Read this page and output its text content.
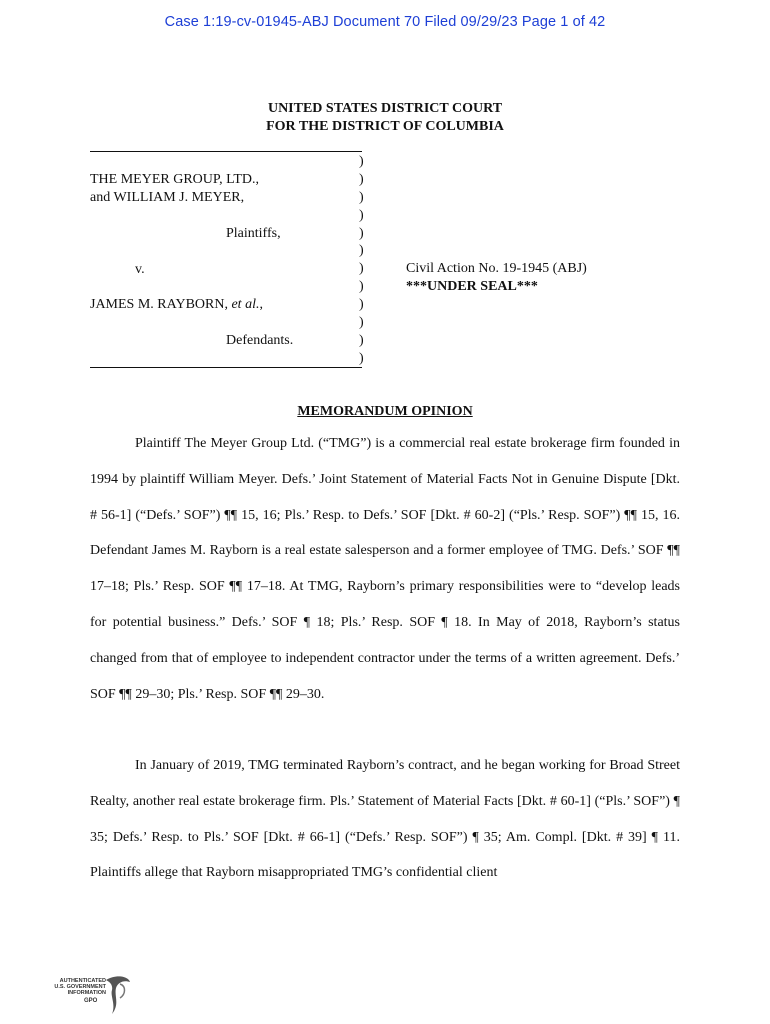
Case 1:19-cv-01945-ABJ Document 70 Filed 09/29/23 Page 1 of 42
UNITED STATES DISTRICT COURT
FOR THE DISTRICT OF COLUMBIA
)
)
)
)
)
)
)
)
)
)
)
)
THE MEYER GROUP, LTD.,
and WILLIAM J. MEYER,
Plaintiffs,
v.
JAMES M. RAYBORN, et al.,
Defendants.
Civil Action No. 19-1945 (ABJ)
***UNDER SEAL***
MEMORANDUM OPINION

Plaintiff The Meyer Group Ltd. (“TMG”) is a commercial real estate brokerage firm founded in 1994 by plaintiff William Meyer. Defs.’ Joint Statement of Material Facts Not in Genuine Dispute [Dkt. # 56-1] (“Defs.’ SOF”) ¶¶ 15, 16; Pls.’ Resp. to Defs.’ SOF [Dkt. # 60-2] (“Pls.’ Resp. SOF”) ¶¶ 15, 16. Defendant James M. Rayborn is a real estate salesperson and a former employee of TMG. Defs.’ SOF ¶¶ 17–18; Pls.’ Resp. SOF ¶¶ 17–18. At TMG, Rayborn’s primary responsibilities were to “develop leads for potential business.” Defs.’ SOF ¶ 18; Pls.’ Resp. SOF ¶ 18. In May of 2018, Rayborn’s status changed from that of employee to independent contractor under the terms of a written agreement. Defs.’ SOF ¶¶ 29–30; Pls.’ Resp. SOF ¶¶ 29–30.

In January of 2019, TMG terminated Rayborn’s contract, and he began working for Broad Street Realty, another real estate brokerage firm. Pls.’ Statement of Material Facts [Dkt. # 60-1] (“Pls.’ SOF”) ¶ 35; Defs.’ Resp. to Pls.’ SOF [Dkt. # 66-1] (“Defs.’ Resp. SOF”) ¶ 35; Am. Compl. [Dkt. # 39] ¶ 11. Plaintiffs allege that Rayborn misappropriated TMG’s confidential client

AUTHENTICATED
U.S. GOVERNMENT
INFORMATION
GPO
